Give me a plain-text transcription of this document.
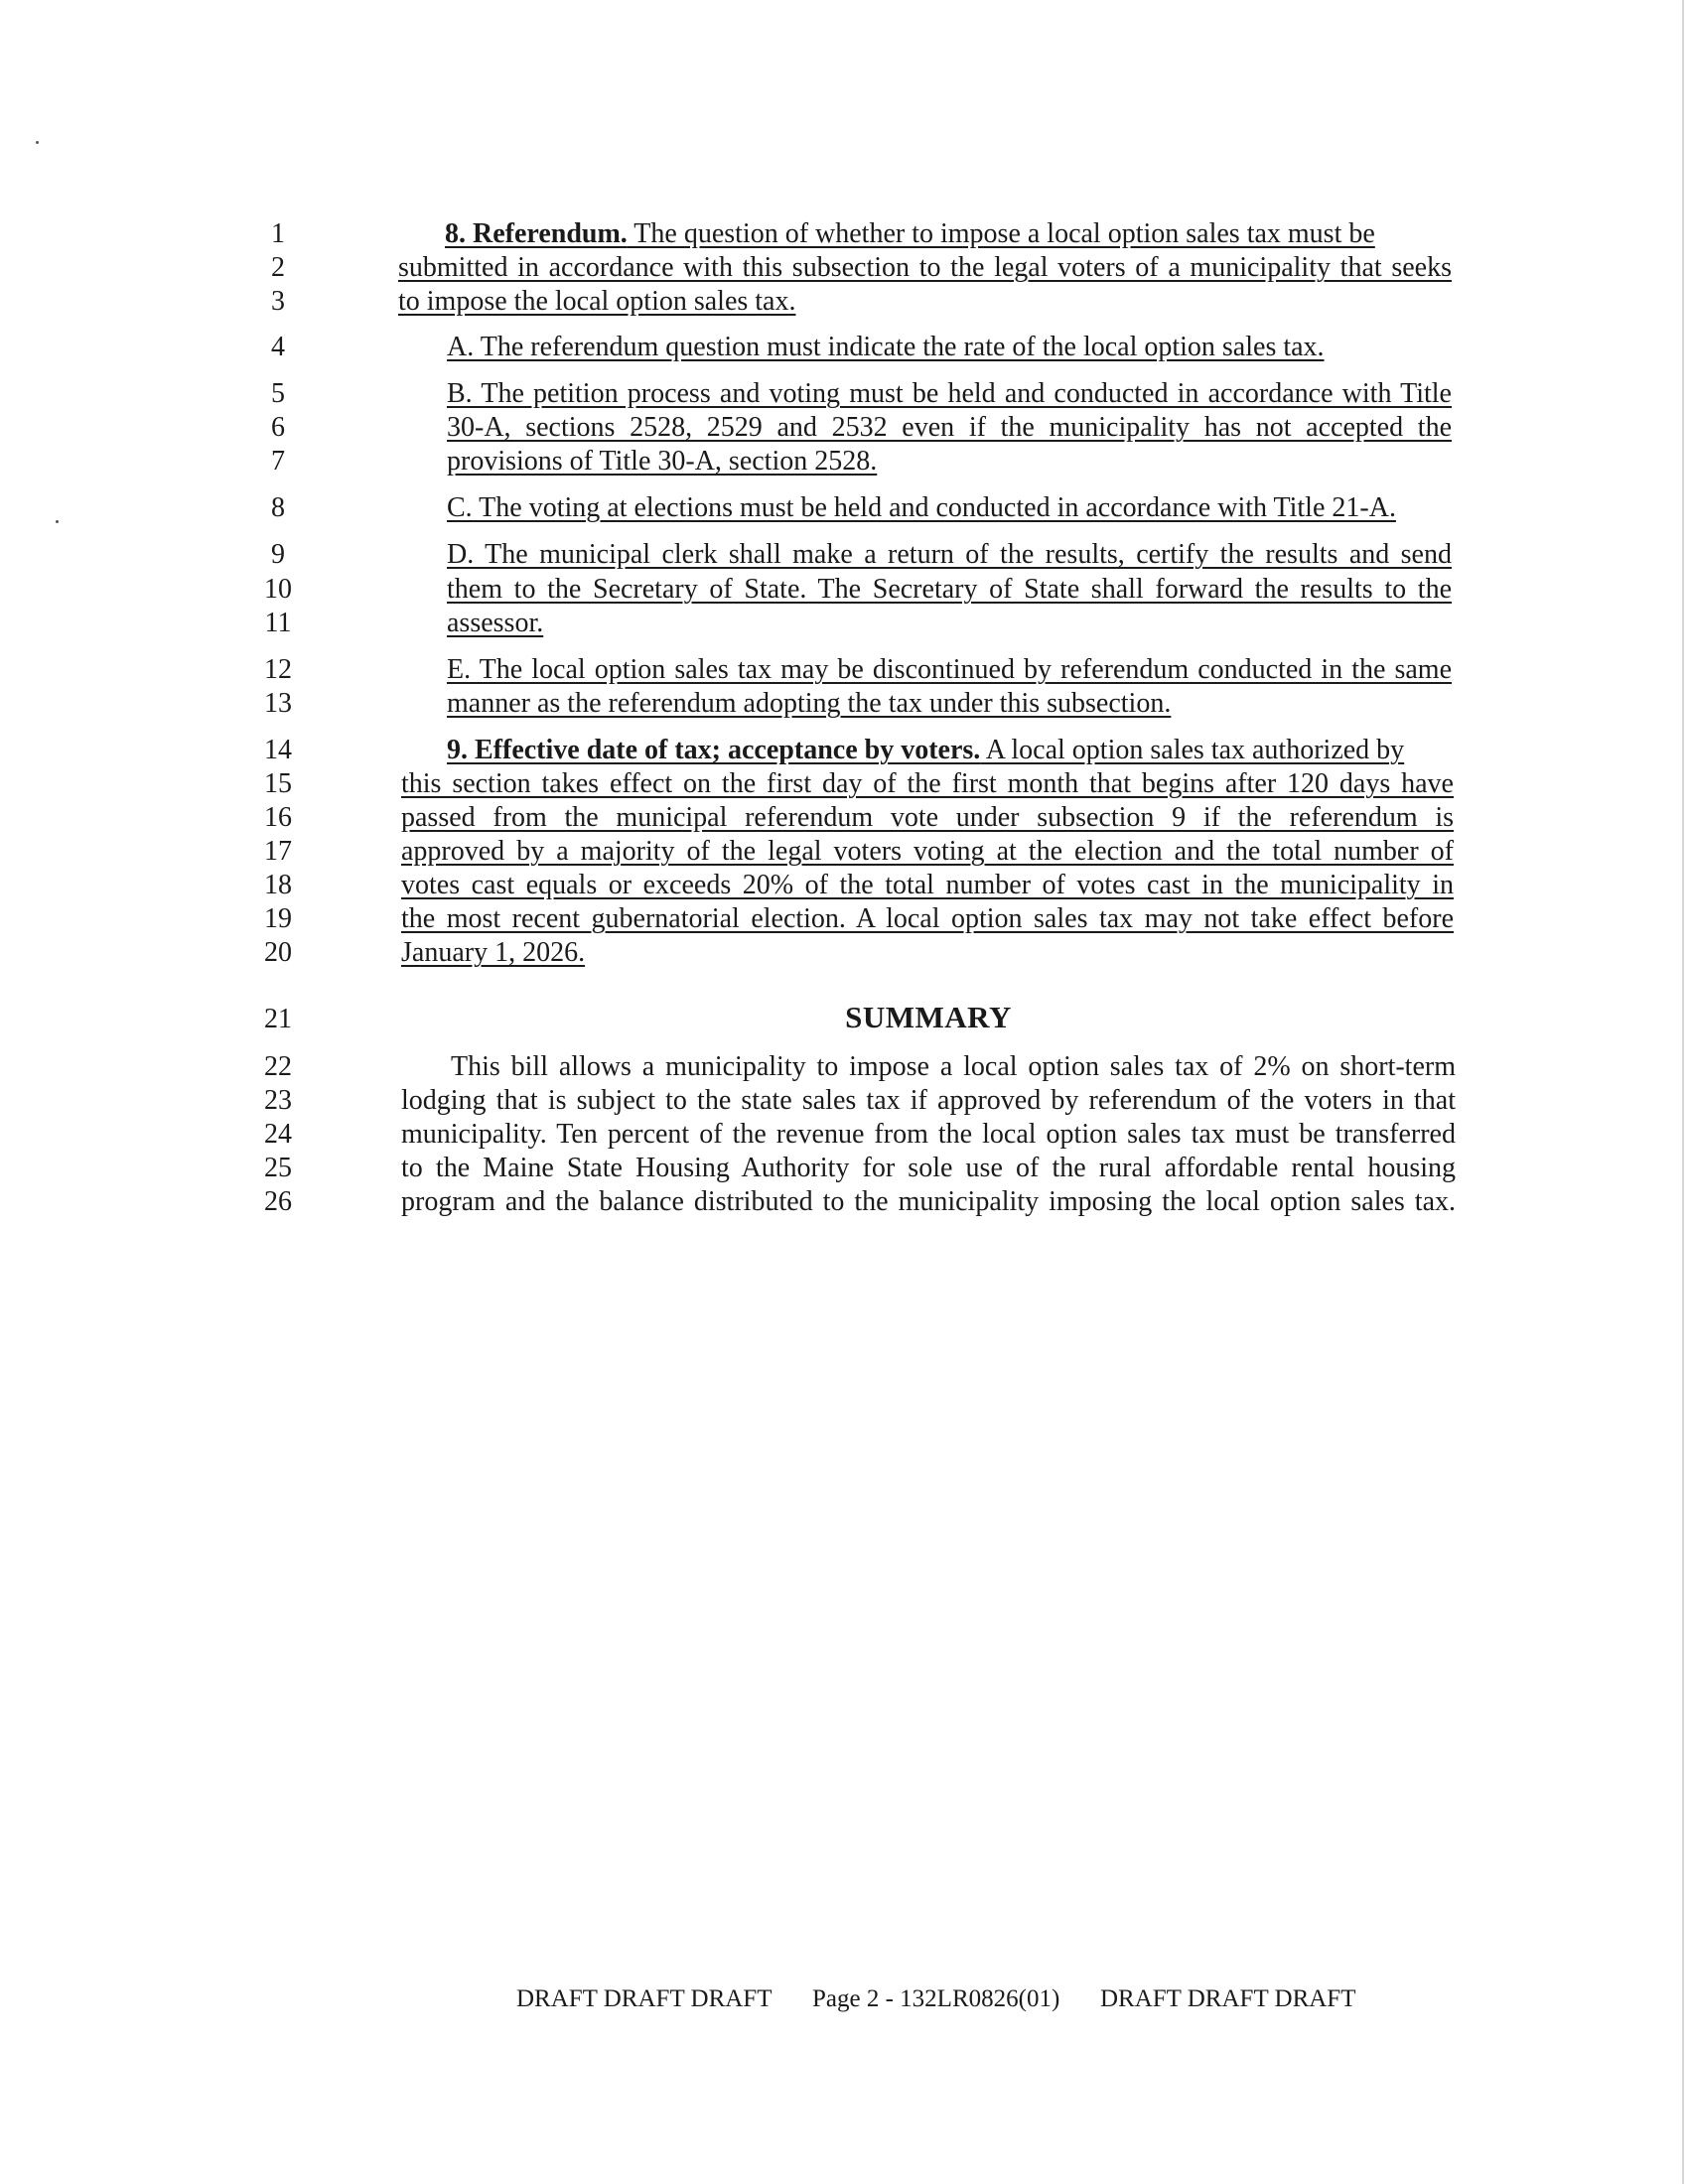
1
2
3
4
5
6
7
8
9
10
11
12
13
14
15
16
17
18
19
20
21
22
23
24
25
26
8. Referendum. The question of whether to impose a local option sales tax must be
submitted in accordance with this subsection to the legal voters of a municipality that seeks
to impose the local option sales tax.
A. The referendum question must indicate the rate of the local option sales tax.
B. The petition process and voting must be held and conducted in accordance with Title
30-A, sections 2528, 2529 and 2532 even if the municipality has not accepted the
provisions of Title 30-A, section 2528.
C. The voting at elections must be held and conducted in accordance with Title 21-A.
D. The municipal clerk shall make a return of the results, certify the results and send
them to the Secretary of State. The Secretary of State shall forward the results to the
assessor.
E. The local option sales tax may be discontinued by referendum conducted in the same
manner as the referendum adopting the tax under this subsection.
9. Effective date of tax; acceptance by voters. A local option sales tax authorized by
this section takes effect on the first day of the first month that begins after 120 days have
passed from the municipal referendum vote under subsection 9 if the referendum is
approved by a majority of the legal voters voting at the election and the total number of
votes cast equals or exceeds 20% of the total number of votes cast in the municipality in
the most recent gubernatorial election. A local option sales tax may not take effect before
January 1, 2026.
SUMMARY
This bill allows a municipality to impose a local option sales tax of 2% on short-term
lodging that is subject to the state sales tax if approved by referendum of the voters in that
municipality. Ten percent of the revenue from the local option sales tax must be transferred
to the Maine State Housing Authority for sole use of the rural affordable rental housing
program and the balance distributed to the municipality imposing the local option sales tax.
DRAFT DRAFT DRAFT Page 2 - 132LR0826(01) DRAFT DRAFT DRAFT
